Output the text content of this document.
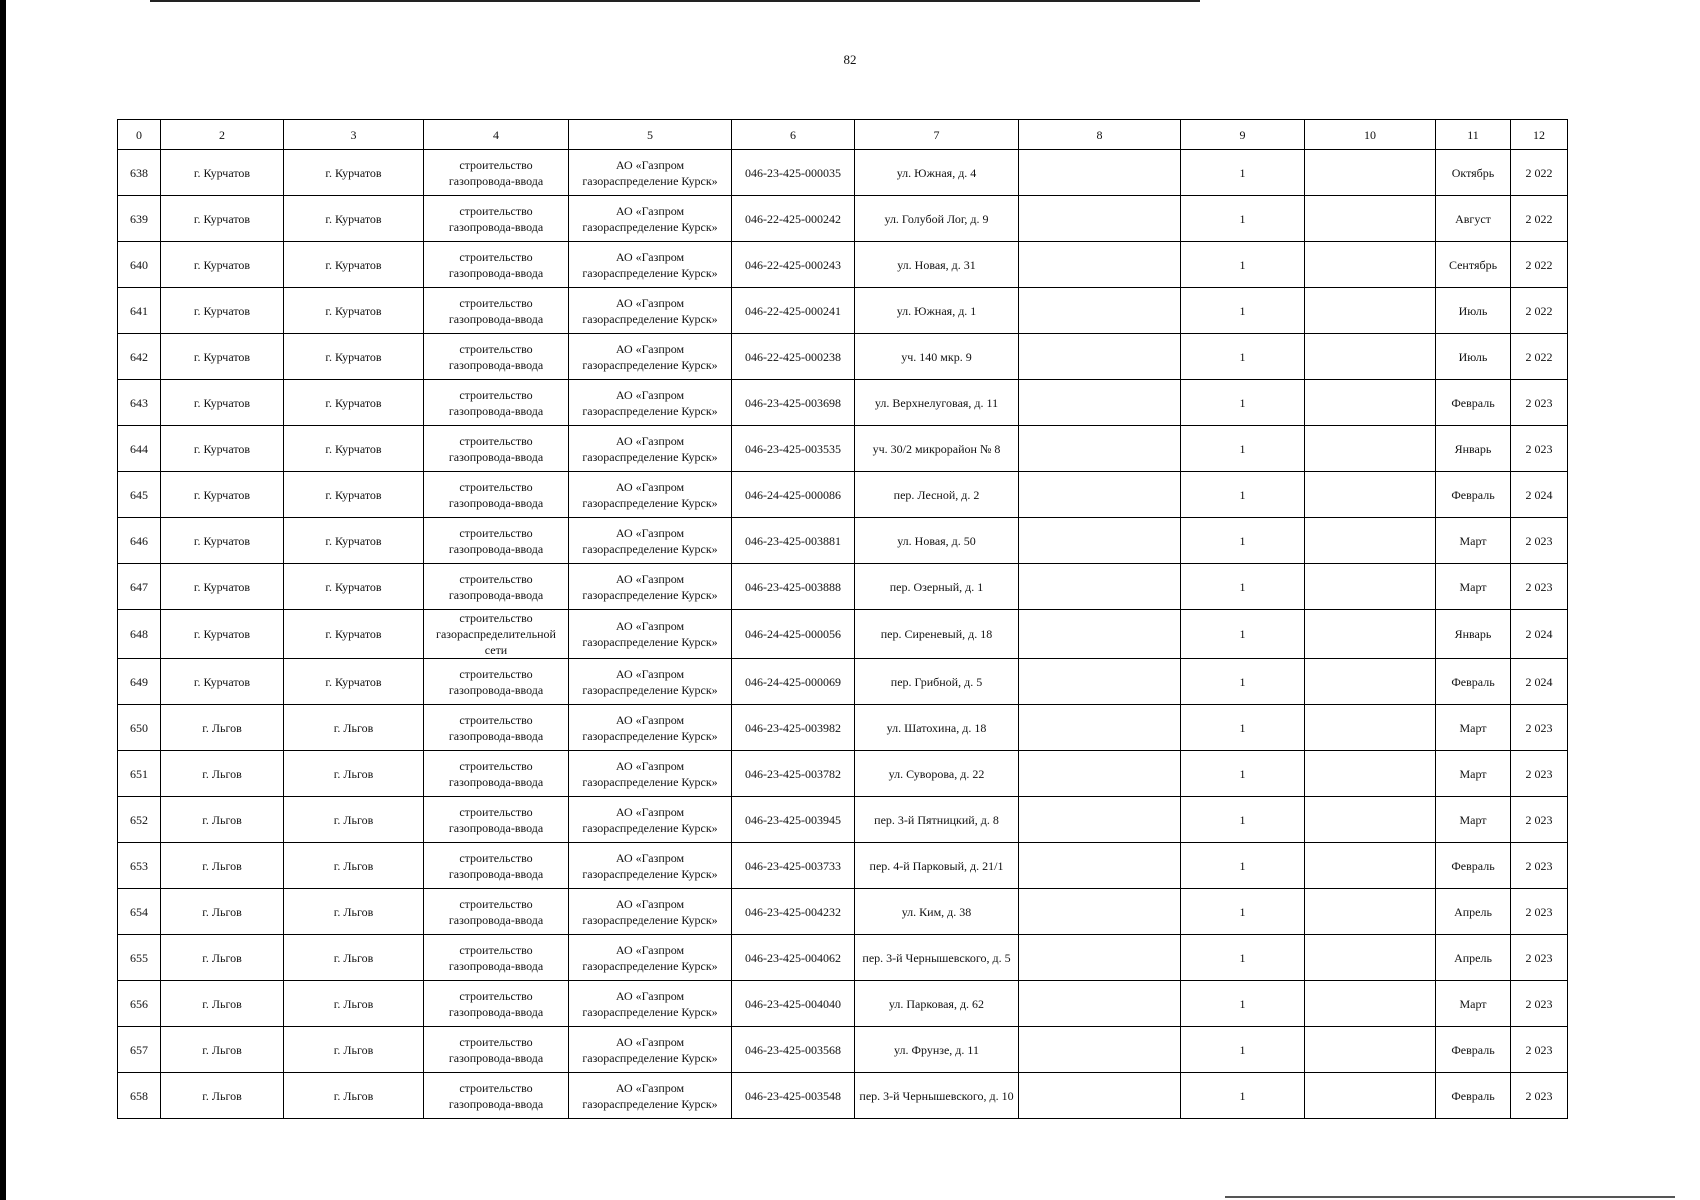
82
0	2	3	4	5	6	7	8	9	10	11	12
638	г. Курчатов	г. Курчатов	строительство газопровода-ввода	АО «Газпром газораспределение Курск»	046-23-425-000035	ул. Южная, д. 4		1		Октябрь	2 022
639	г. Курчатов	г. Курчатов	строительство газопровода-ввода	АО «Газпром газораспределение Курск»	046-22-425-000242	ул. Голубой Лог, д. 9		1		Август	2 022
640	г. Курчатов	г. Курчатов	строительство газопровода-ввода	АО «Газпром газораспределение Курск»	046-22-425-000243	ул. Новая, д. 31		1		Сентябрь	2 022
641	г. Курчатов	г. Курчатов	строительство газопровода-ввода	АО «Газпром газораспределение Курск»	046-22-425-000241	ул. Южная, д. 1		1		Июль	2 022
642	г. Курчатов	г. Курчатов	строительство газопровода-ввода	АО «Газпром газораспределение Курск»	046-22-425-000238	уч. 140 мкр. 9		1		Июль	2 022
643	г. Курчатов	г. Курчатов	строительство газопровода-ввода	АО «Газпром газораспределение Курск»	046-23-425-003698	ул. Верхнелуговая, д. 11		1		Февраль	2 023
644	г. Курчатов	г. Курчатов	строительство газопровода-ввода	АО «Газпром газораспределение Курск»	046-23-425-003535	уч. 30/2 микрорайон № 8		1		Январь	2 023
645	г. Курчатов	г. Курчатов	строительство газопровода-ввода	АО «Газпром газораспределение Курск»	046-24-425-000086	пер. Лесной, д. 2		1		Февраль	2 024
646	г. Курчатов	г. Курчатов	строительство газопровода-ввода	АО «Газпром газораспределение Курск»	046-23-425-003881	ул. Новая, д. 50		1		Март	2 023
647	г. Курчатов	г. Курчатов	строительство газопровода-ввода	АО «Газпром газораспределение Курск»	046-23-425-003888	пер. Озерный, д. 1		1		Март	2 023
648	г. Курчатов	г. Курчатов	строительство газораспределительной сети	АО «Газпром газораспределение Курск»	046-24-425-000056	пер. Сиреневый, д. 18		1		Январь	2 024
649	г. Курчатов	г. Курчатов	строительство газопровода-ввода	АО «Газпром газораспределение Курск»	046-24-425-000069	пер. Грибной, д. 5		1		Февраль	2 024
650	г. Льгов	г. Льгов	строительство газопровода-ввода	АО «Газпром газораспределение Курск»	046-23-425-003982	ул. Шатохина, д. 18		1		Март	2 023
651	г. Льгов	г. Льгов	строительство газопровода-ввода	АО «Газпром газораспределение Курск»	046-23-425-003782	ул. Суворова, д. 22		1		Март	2 023
652	г. Льгов	г. Льгов	строительство газопровода-ввода	АО «Газпром газораспределение Курск»	046-23-425-003945	пер. 3-й Пятницкий, д. 8		1		Март	2 023
653	г. Льгов	г. Льгов	строительство газопровода-ввода	АО «Газпром газораспределение Курск»	046-23-425-003733	пер. 4-й Парковый, д. 21/1		1		Февраль	2 023
654	г. Льгов	г. Льгов	строительство газопровода-ввода	АО «Газпром газораспределение Курск»	046-23-425-004232	ул. Ким, д. 38		1		Апрель	2 023
655	г. Льгов	г. Льгов	строительство газопровода-ввода	АО «Газпром газораспределение Курск»	046-23-425-004062	пер. 3-й Чернышевского, д. 5		1		Апрель	2 023
656	г. Льгов	г. Льгов	строительство газопровода-ввода	АО «Газпром газораспределение Курск»	046-23-425-004040	ул. Парковая, д. 62		1		Март	2 023
657	г. Льгов	г. Льгов	строительство газопровода-ввода	АО «Газпром газораспределение Курск»	046-23-425-003568	ул. Фрунзе, д. 11		1		Февраль	2 023
658	г. Льгов	г. Льгов	строительство газопровода-ввода	АО «Газпром газораспределение Курск»	046-23-425-003548	пер. 3-й Чернышевского, д. 10		1		Февраль	2 023
